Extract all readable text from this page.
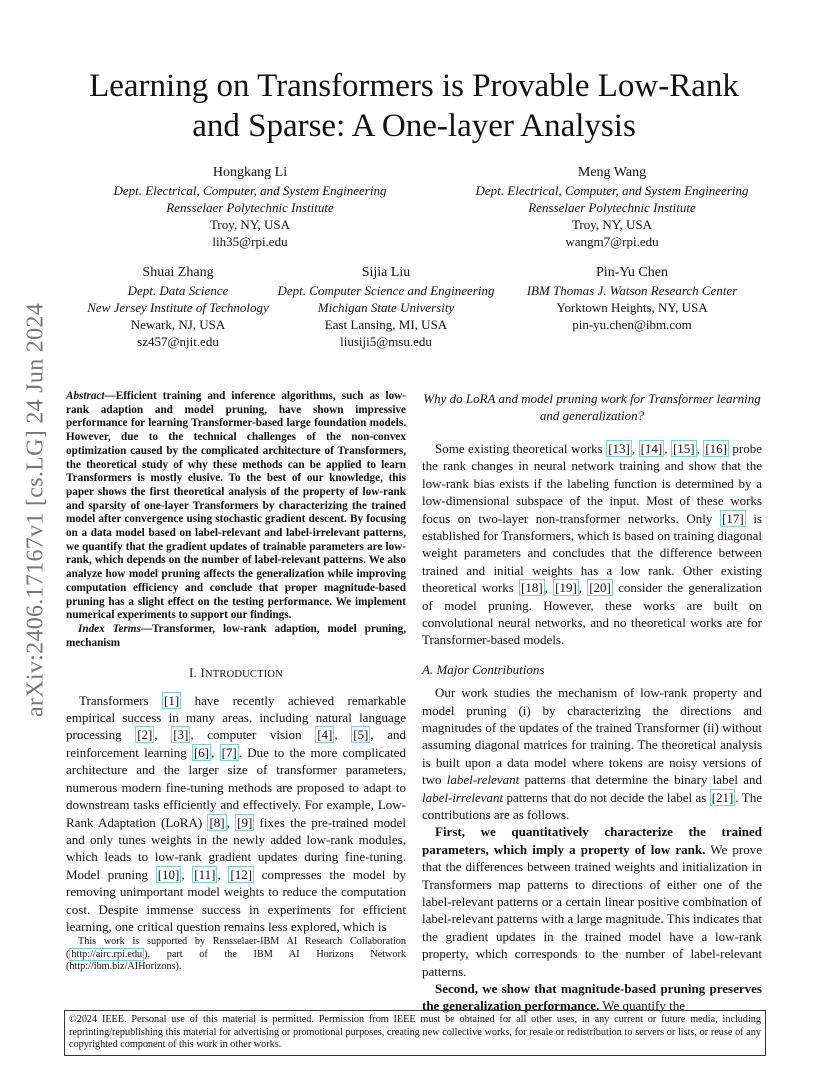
arXiv:2406.17167v1 [cs.LG] 24 Jun 2024
Learning on Transformers is Provable Low-Rank
and Sparse: A One-layer Analysis
Hongkang Li
Dept. Electrical, Computer, and System Engineering
Rensselaer Polytechnic Institute
Troy, NY, USA
lih35@rpi.edu
Meng Wang
Dept. Electrical, Computer, and System Engineering
Rensselaer Polytechnic Institute
Troy, NY, USA
wangm7@rpi.edu
Shuai Zhang
Dept. Data Science
New Jersey Institute of Technology
Newark, NJ, USA
sz457@njit.edu
Sijia Liu
Dept. Computer Science and Engineering
Michigan State University
East Lansing, MI, USA
liusiji5@msu.edu
Pin-Yu Chen
IBM Thomas J. Watson Research Center
Yorktown Heights, NY, USA
pin-yu.chen@ibm.com

Abstract—Efficient training and inference algorithms, such as low-rank adaption and model pruning, have shown impressive performance for learning Transformer-based large foundation models. However, due to the technical challenges of the non-convex optimization caused by the complicated architecture of Transformers, the theoretical study of why these methods can be applied to learn Transformers is mostly elusive. To the best of our knowledge, this paper shows the first theoretical analysis of the property of low-rank and sparsity of one-layer Transformers by characterizing the trained model after convergence using stochastic gradient descent. By focusing on a data model based on label-relevant and label-irrelevant patterns, we quantify that the gradient updates of trainable parameters are low-rank, which depends on the number of label-relevant patterns. We also analyze how model pruning affects the generalization while improving computation efficiency and conclude that proper magnitude-based pruning has a slight effect on the testing performance. We implement numerical experiments to support our findings.
Index Terms—Transformer, low-rank adaption, model pruning, mechanism

I. INTRODUCTION

Transformers [1] have recently achieved remarkable empirical success in many areas, including natural language processing [2] , [3] , computer vision [4] , [5] , and reinforcement learning [6] , [7] . Due to the more complicated architecture and the larger size of transformer parameters, numerous modern fine-tuning methods are proposed to adapt to downstream tasks efficiently and effectively. For example, Low-Rank Adaptation (LoRA) [8] , [9] fixes the pre-trained model and only tunes weights in the newly added low-rank modules, which leads to low-rank gradient updates during fine-tuning. Model pruning [10] , [11] , [12] compresses the model by removing unimportant model weights to reduce the computation cost. Despite immense success in experiments for efficient learning, one critical question remains less explored, which is

This work is supported by Rensselaer-IBM AI Research Collaboration ( http://airc.rpi.edu ), part of the IBM AI Horizons Network (http://ibm.biz/AIHorizons).

Why do LoRA and model pruning work for Transformer learning and generalization?

Some existing theoretical works [13] , [14] , [15] , [16] probe the rank changes in neural network training and show that the low-rank bias exists if the labeling function is determined by a low-dimensional subspace of the input. Most of these works focus on two-layer non-transformer networks. Only [17] is established for Transformers, which is based on training diagonal weight parameters and concludes that the difference between trained and initial weights has a low rank. Other existing theoretical works [18] , [19] , [20] consider the generalization of model pruning. However, these works are built on convolutional neural networks, and no theoretical works are for Transformer-based models.

A. Major Contributions

Our work studies the mechanism of low-rank property and model pruning (i) by characterizing the directions and magnitudes of the updates of the trained Transformer (ii) without assuming diagonal matrices for training. The theoretical analysis is built upon a data model where tokens are noisy versions of two label-relevant patterns that determine the binary label and label-irrelevant patterns that do not decide the label as [21] . The contributions are as follows.

First, we quantitatively characterize the trained parameters, which imply a property of low rank. We prove that the differences between trained weights and initialization in Transformers map patterns to directions of either one of the label-relevant patterns or a certain linear positive combination of label-relevant patterns with a large magnitude. This indicates that the gradient updates in the trained model have a low-rank property, which corresponds to the number of label-relevant patterns.

Second, we show that magnitude-based pruning preserves the generalization performance. We quantify the

©2024 IEEE. Personal use of this material is permitted. Permission from IEEE must be obtained for all other uses, in any current or future media, including reprinting/republishing this material for advertising or promotional purposes, creating new collective works, for resale or redistribution to servers or lists, or reuse of any copyrighted component of this work in other works.
